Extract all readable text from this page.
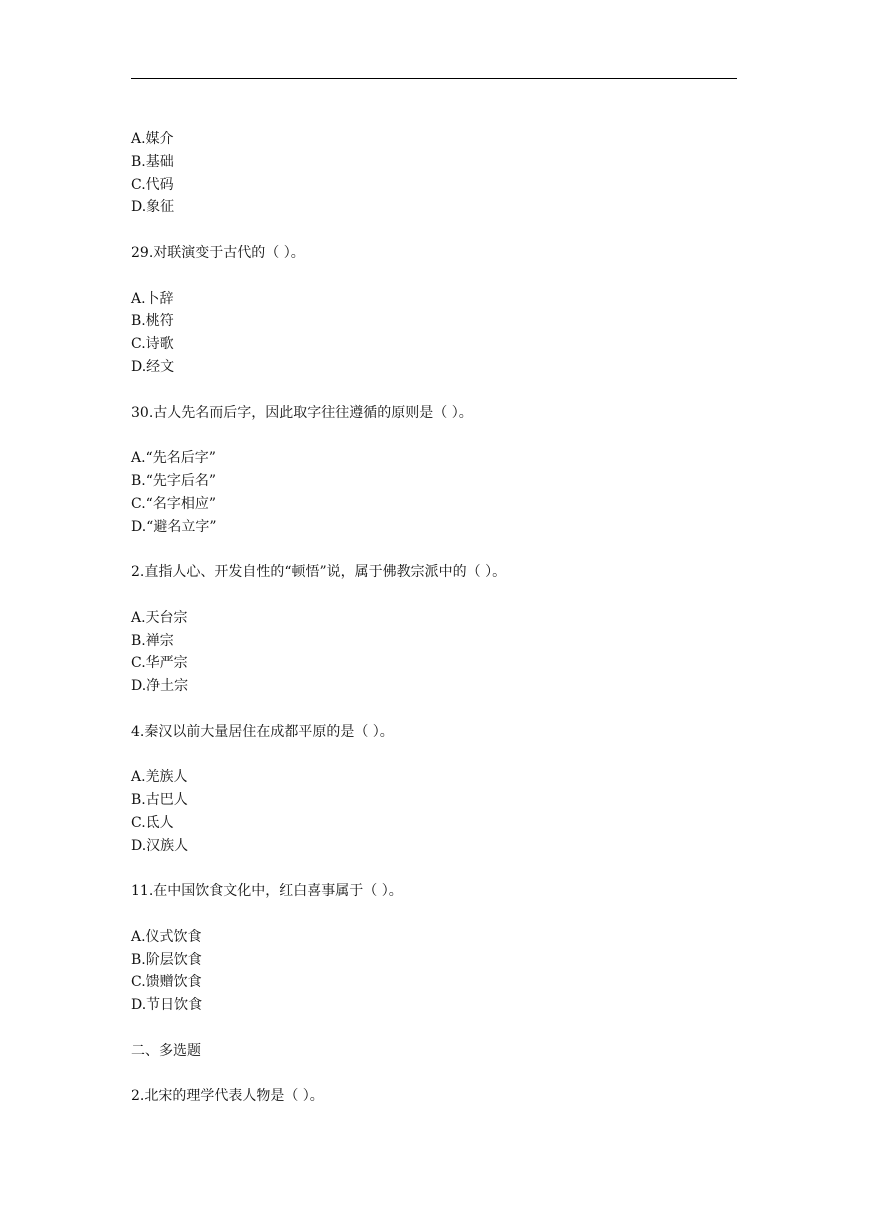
A.媒介
B.基础
C.代码
D.象征
29.对联演变于古代的（ ）。
A.卜辞
B.桃符
C.诗歌
D.经文
30.古人先名而后字，因此取字往往遵循的原则是（ ）。
A.“先名后字”
B.“先字后名”
C.“名字相应”
D.“避名立字”
2.直指人心、开发自性的“顿悟”说，属于佛教宗派中的（ ）。
A.天台宗
B.禅宗
C.华严宗
D.净土宗
4.秦汉以前大量居住在成都平原的是（ ）。
A.羌族人
B.古巴人
C.氐人
D.汉族人
11.在中国饮食文化中，红白喜事属于（ ）。
A.仪式饮食
B.阶层饮食
C.馈赠饮食
D.节日饮食
二、多选题
2.北宋的理学代表人物是（ ）。
